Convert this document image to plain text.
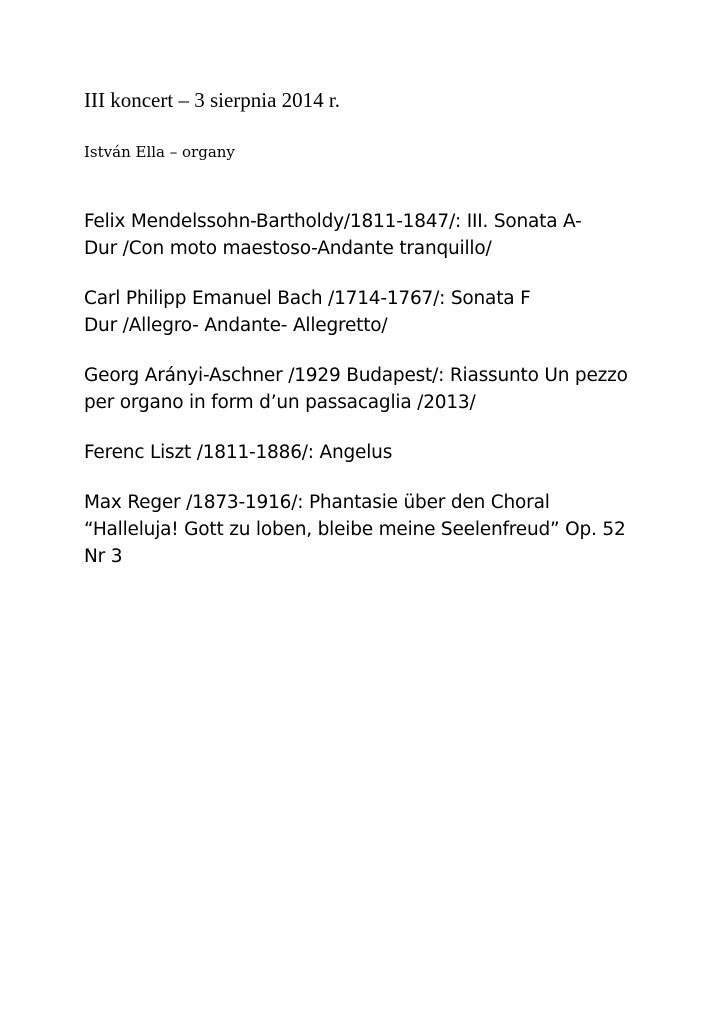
III koncert – 3 sierpnia 2014 r.
István Ella – organy
Felix Mendelssohn-Bartholdy/1811-1847/: III. Sonata A-
Dur /Con moto maestoso-Andante tranquillo/
Carl Philipp Emanuel Bach /1714-1767/: Sonata F
Dur /Allegro- Andante- Allegretto/
Georg Arányi-Aschner /1929 Budapest/: Riassunto Un pezzo
per organo in form d’un passacaglia /2013/
Ferenc Liszt /1811-1886/: Angelus
Max Reger /1873-1916/: Phantasie über den Choral
“Halleluja! Gott zu loben, bleibe meine Seelenfreud” Op. 52
Nr 3
